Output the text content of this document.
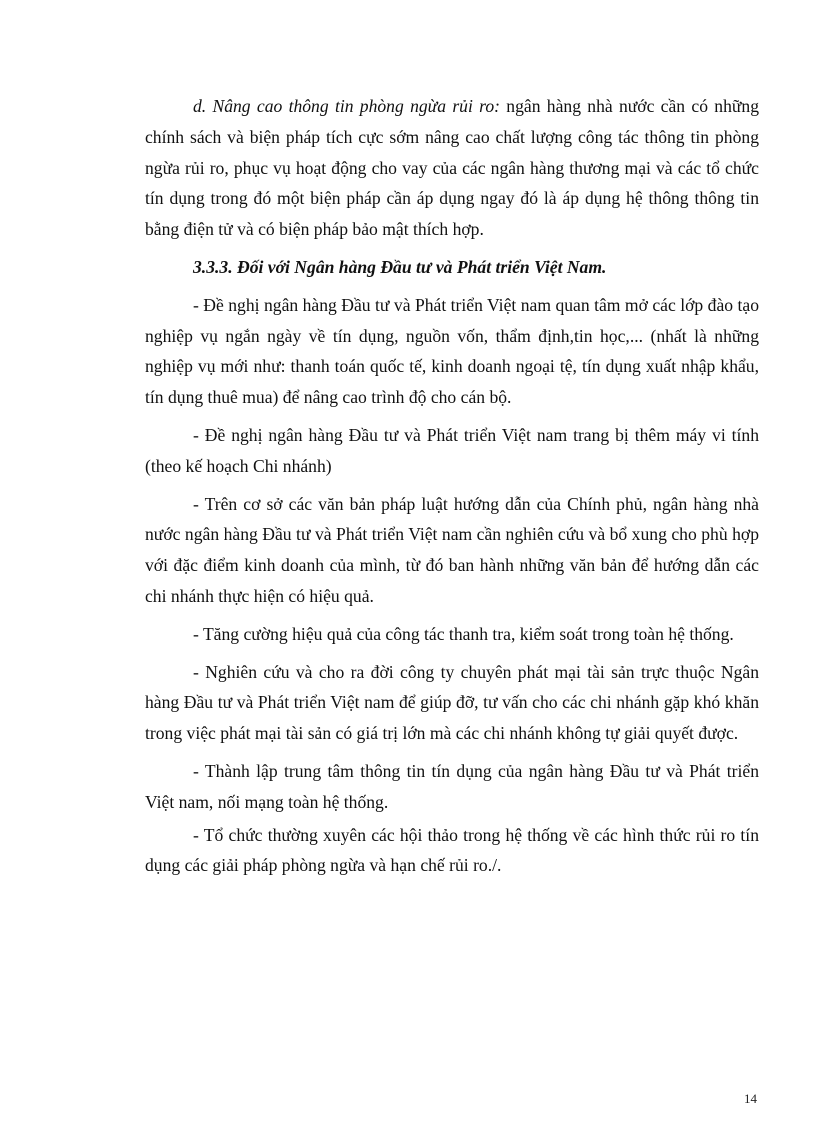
d. Nâng cao thông tin phòng ngừa rủi ro: ngân hàng nhà nước cần có những chính sách và biện pháp tích cực sớm nâng cao chất lượng công tác thông tin phòng ngừa rủi ro, phục vụ hoạt động cho vay của các ngân hàng thương mại và các tổ chức tín dụng trong đó một biện pháp cần áp dụng ngay đó là áp dụng hệ thông thông tin bằng điện tử và có biện pháp bảo mật thích hợp.

3.3.3. Đối với Ngân hàng Đầu tư và Phát triển Việt Nam.

- Đề nghị ngân hàng Đầu tư và Phát triển Việt nam quan tâm mở các lớp đào tạo nghiệp vụ ngắn ngày về tín dụng, nguồn vốn, thẩm định,tin học,... (nhất là những nghiệp vụ mới như: thanh toán quốc tế, kinh doanh ngoại tệ, tín dụng xuất nhập khẩu, tín dụng thuê mua) để nâng cao trình độ cho cán bộ.

- Đề nghị ngân hàng Đầu tư và Phát triển Việt nam trang bị thêm máy vi tính (theo kế hoạch Chi nhánh)

- Trên cơ sở các văn bản pháp luật hướng dẫn của Chính phủ, ngân hàng nhà nước ngân hàng Đầu tư và Phát triển Việt nam cần nghiên cứu và bổ xung cho phù hợp với đặc điểm kinh doanh của mình, từ đó ban hành những văn bản để hướng dẫn các chi nhánh thực hiện có hiệu quả.

- Tăng cường hiệu quả của công tác thanh tra, kiểm soát trong toàn hệ thống.

- Nghiên cứu và cho ra đời công ty chuyên phát mại tài sản trực thuộc Ngân hàng Đầu tư và Phát triển Việt nam để giúp đỡ, tư vấn cho các chi nhánh gặp khó khăn trong việc phát mại tài sản có giá trị lớn mà các chi nhánh không tự giải quyết được.

- Thành lập trung tâm thông tin tín dụng của ngân hàng Đầu tư và Phát triển Việt nam, nối mạng toàn hệ thống.

- Tổ chức thường xuyên các hội thảo trong hệ thống về các hình thức rủi ro tín dụng các giải pháp phòng ngừa và hạn chế rủi ro./.

14
